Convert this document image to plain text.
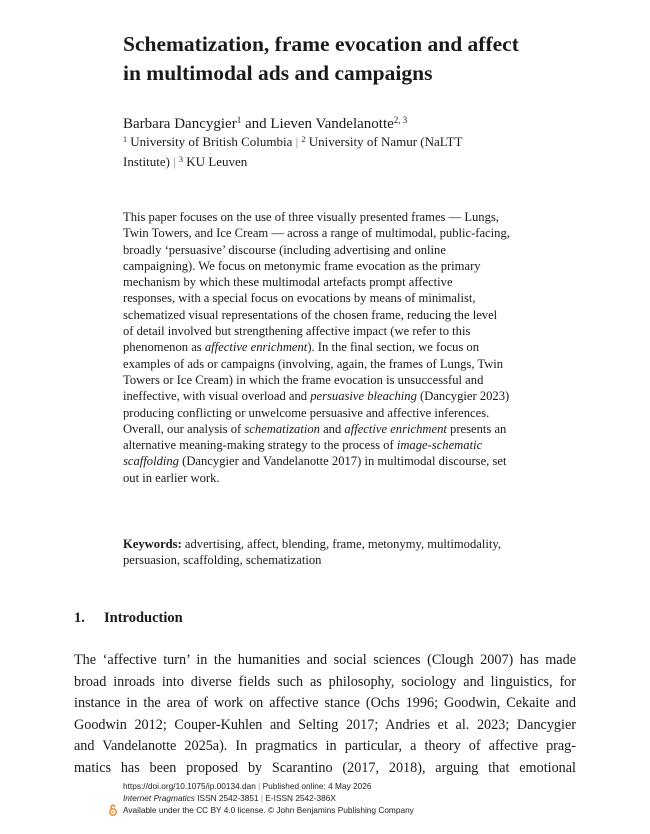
Schematization, frame evocation and affect
in multimodal ads and campaigns
Barbara Dancygier$^1$ and Lieven Vandelanotte$^{2, 3}$
$^1$ University of British Columbia | $^2$ University of Namur (NaLTT
Institute) | $^3$ KU Leuven
This paper focuses on the use of three visually presented frames — Lungs,
Twin Towers, and Ice Cream — across a range of multimodal, public-facing,
broadly ‘persuasive’ discourse (including advertising and online
campaigning). We focus on metonymic frame evocation as the primary
mechanism by which these multimodal artefacts prompt affective
responses, with a special focus on evocations by means of minimalist,
schematized visual representations of the chosen frame, reducing the level
of detail involved but strengthening affective impact (we refer to this
phenomenon as affective enrichment). In the final section, we focus on
examples of ads or campaigns (involving, again, the frames of Lungs, Twin
Towers or Ice Cream) in which the frame evocation is unsuccessful and
ineffective, with visual overload and persuasive bleaching (Dancygier 2023)
producing conflicting or unwelcome persuasive and affective inferences.
Overall, our analysis of schematization and affective enrichment presents an
alternative meaning-making strategy to the process of image-schematic
scaffolding (Dancygier and Vandelanotte 2017) in multimodal discourse, set
out in earlier work.
Keywords: advertising, affect, blending, frame, metonymy, multimodality,
persuasion, scaffolding, schematization
1. Introduction
The ‘affective turn’ in the humanities and social sciences (Clough 2007) has made
broad inroads into diverse fields such as philosophy, sociology and linguistics, for
instance in the area of work on affective stance (Ochs 1996; Goodwin, Cekaite and
Goodwin 2012; Couper-Kuhlen and Selting 2017; Andries et al. 2023; Dancygier
and Vandelanotte 2025a). In pragmatics in particular, a theory of affective prag-
matics has been proposed by Scarantino (2017, 2018), arguing that emotional
https://doi.org/10.1075/ip.00134.dan | Published online: 4 May 2026
Internet Pragmatics ISSN 2542-3851 | E-ISSN 2542-386X
Available under the CC BY 4.0 license. © John Benjamins Publishing Company
